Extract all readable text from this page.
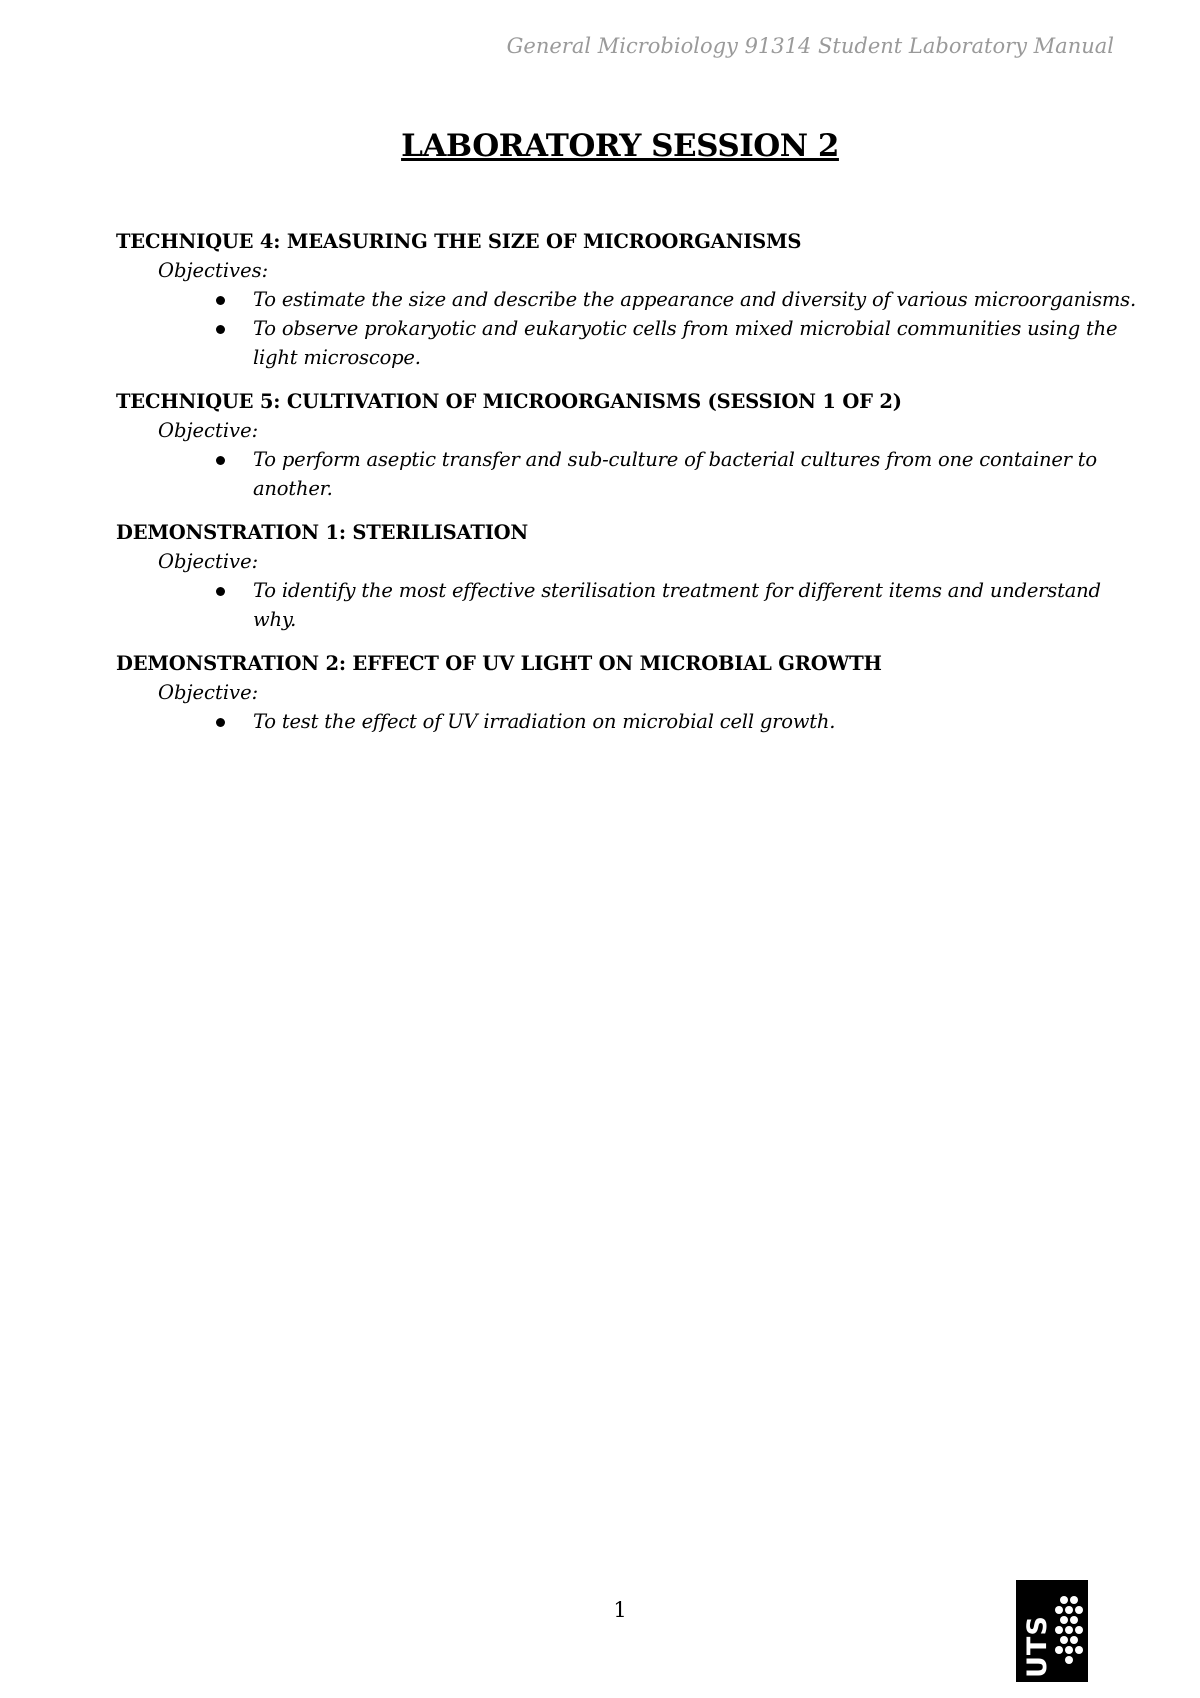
General Microbiology 91314 Student Laboratory Manual
LABORATORY SESSION 2
TECHNIQUE 4: MEASURING THE SIZE OF MICROORGANISMS
Objectives:
To estimate the size and describe the appearance and diversity of various microorganisms.
To observe prokaryotic and eukaryotic cells from mixed microbial communities using the light microscope.
TECHNIQUE 5: CULTIVATION OF MICROORGANISMS (SESSION 1 OF 2)
Objective:
To perform aseptic transfer and sub-culture of bacterial cultures from one container to another.
DEMONSTRATION 1: STERILISATION
Objective:
To identify the most effective sterilisation treatment for different items and understand why.
DEMONSTRATION 2: EFFECT OF UV LIGHT ON MICROBIAL GROWTH
Objective:
To test the effect of UV irradiation on microbial cell growth.
1
UTS
